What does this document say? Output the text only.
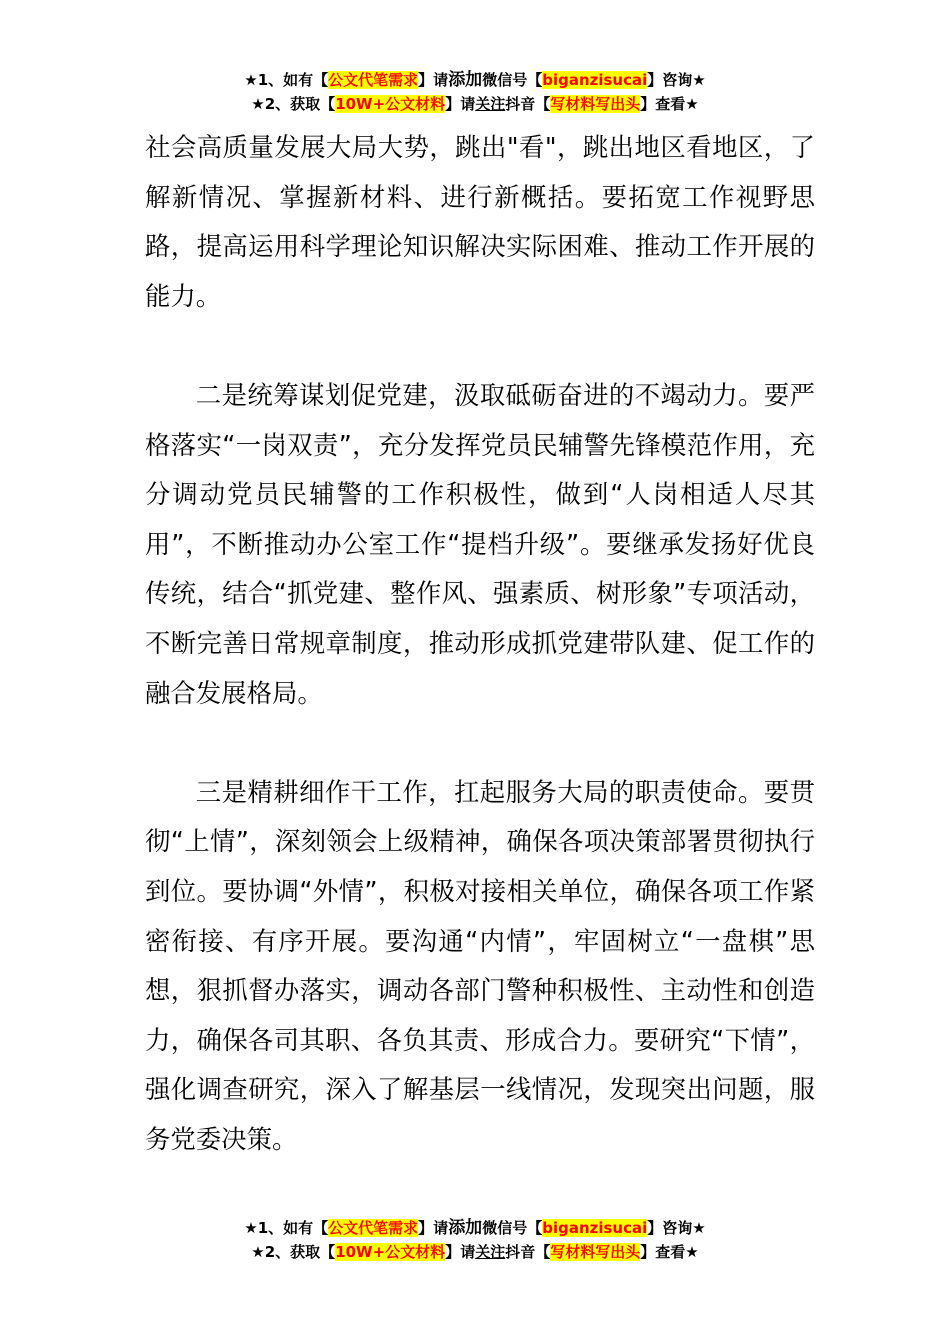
★1、如有【公文代笔需求】请添加微信号【biganzisucai】咨询★
★2、获取【10W+公文材料】请关注抖音【写材料写出头】查看★

社会高质量发展大局大势，跳出"看"，跳出地区看地区，了解新情况、掌握新材料、进行新概括。要拓宽工作视野思路，提高运用科学理论知识解决实际困难、推动工作开展的能力。

二是统筹谋划促党建，汲取砥砺奋进的不竭动力。要严格落实“一岗双责”，充分发挥党员民辅警先锋模范作用，充分调动党员民辅警的工作积极性，做到“人岗相适人尽其用”，不断推动办公室工作“提档升级”。要继承发扬好优良传统，结合“抓党建、整作风、强素质、树形象”专项活动，不断完善日常规章制度，推动形成抓党建带队建、促工作的融合发展格局。

三是精耕细作干工作，扛起服务大局的职责使命。要贯彻“上情”，深刻领会上级精神，确保各项决策部署贯彻执行到位。要协调“外情”，积极对接相关单位，确保各项工作紧密衔接、有序开展。要沟通“内情”，牢固树立“一盘棋”思想，狠抓督办落实，调动各部门警种积极性、主动性和创造力，确保各司其职、各负其责、形成合力。要研究“下情”，强化调查研究，深入了解基层一线情况，发现突出问题，服务党委决策。

★1、如有【公文代笔需求】请添加微信号【biganzisucai】咨询★
★2、获取【10W+公文材料】请关注抖音【写材料写出头】查看★
